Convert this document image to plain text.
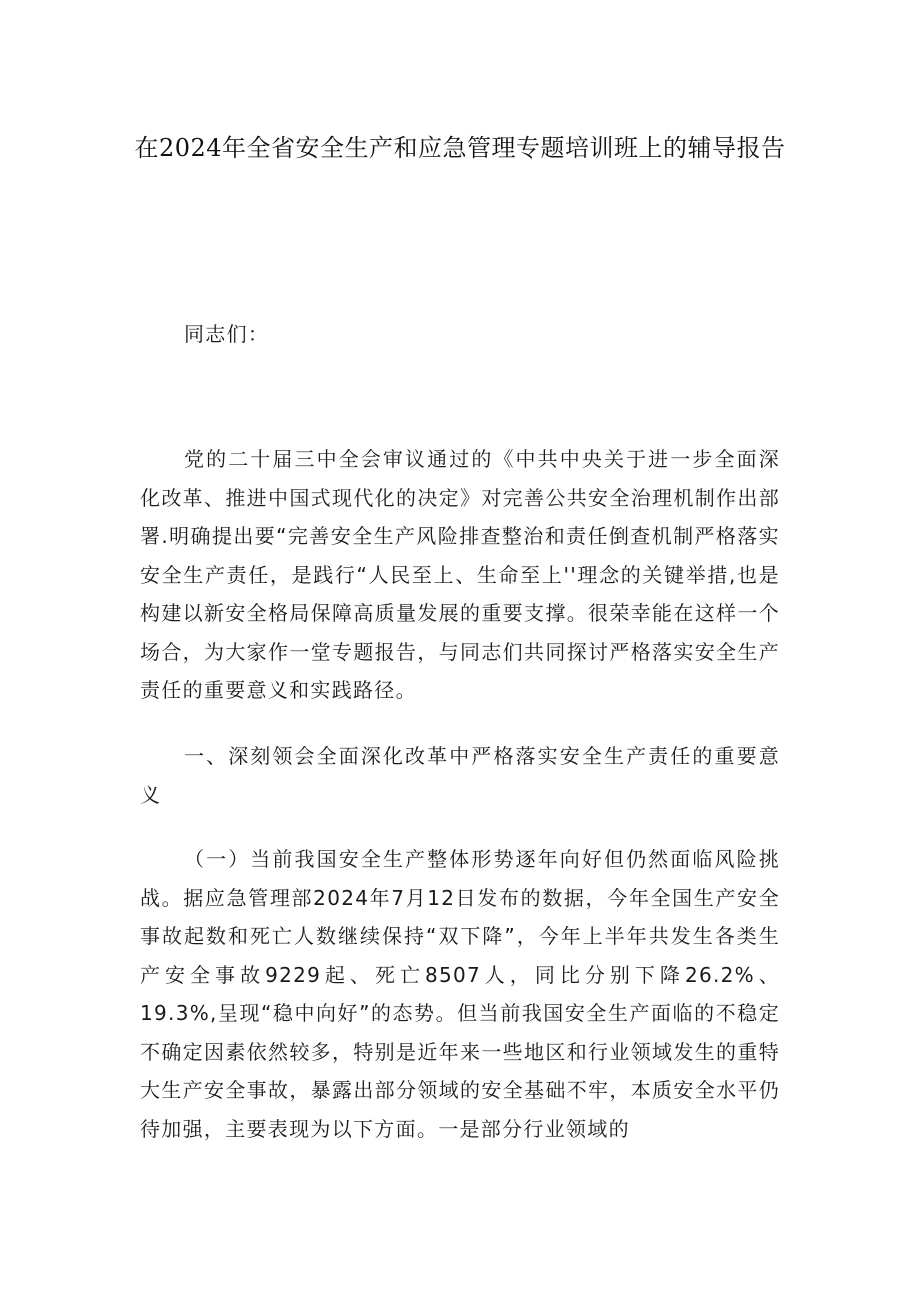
在2024年全省安全生产和应急管理专题培训班上的辅导报告

同志们：

党的二十届三中全会审议通过的《中共中央关于进一步全面深化改革、推进中国式现代化的决定》对完善公共安全治理机制作出部署.明确提出要“完善安全生产风险排查整治和责任倒查机制严格落实安全生产责任，是践行“人民至上、生命至上''理念的关键举措,也是构建以新安全格局保障高质量发展的重要支撑。很荣幸能在这样一个场合，为大家作一堂专题报告，与同志们共同探讨严格落实安全生产责任的重要意义和实践路径。

一、深刻领会全面深化改革中严格落实安全生产责任的重要意义

（一）当前我国安全生产整体形势逐年向好但仍然面临风险挑战。据应急管理部2024年7月12日发布的数据，今年全国生产安全事故起数和死亡人数继续保持“双下降”，今年上半年共发生各类生产安全事故9229起、死亡8507人，同比分别下降26.2%、19.3%,呈现“稳中向好”的态势。但当前我国安全生产面临的不稳定不确定因素依然较多，特别是近年来一些地区和行业领域发生的重特大生产安全事故，暴露出部分领域的安全基础不牢，本质安全水平仍待加强，主要表现为以下方面。一是部分行业领域的
